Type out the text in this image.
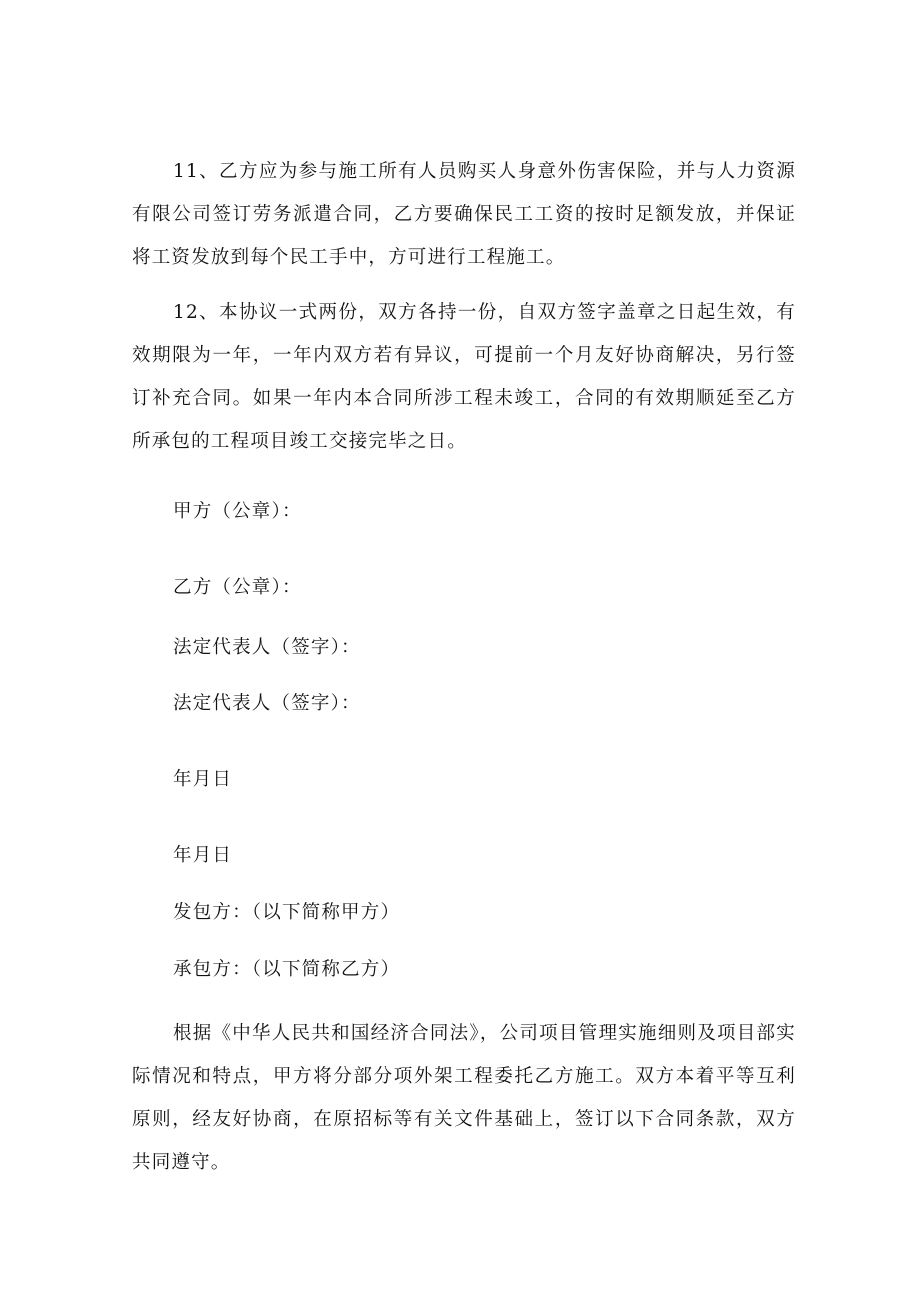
11、乙方应为参与施工所有人员购买人身意外伤害保险，并与人力资源有限公司签订劳务派遣合同，乙方要确保民工工资的按时足额发放，并保证将工资发放到每个民工手中，方可进行工程施工。

12、本协议一式两份，双方各持一份，自双方签字盖章之日起生效，有效期限为一年，一年内双方若有异议，可提前一个月友好协商解决，另行签订补充合同。如果一年内本合同所涉工程未竣工，合同的有效期顺延至乙方所承包的工程项目竣工交接完毕之日。

甲方（公章）：

乙方（公章）：

法定代表人（签字）：

法定代表人（签字）：

年月日

年月日

发包方：（以下简称甲方）

承包方：（以下简称乙方）

根据《中华人民共和国经济合同法》，公司项目管理实施细则及项目部实际情况和特点，甲方将分部分项外架工程委托乙方施工。双方本着平等互利原则，经友好协商，在原招标等有关文件基础上，签订以下合同条款，双方共同遵守。
